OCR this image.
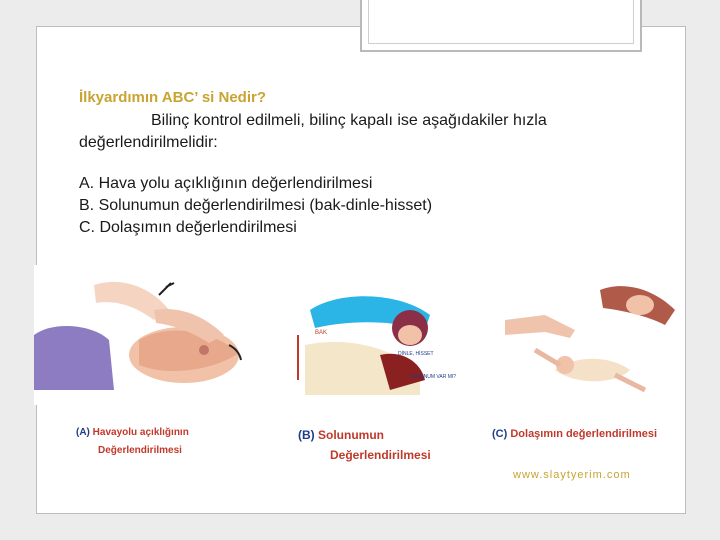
İlkyardımın ABC’ si Nedir?
Bilinç kontrol edilmeli, bilinç kapalı ise aşağıdakiler hızla
değerlendirilmelidir:
A. Hava yolu açıklığının değerlendirilmesi
B. Solunumun değerlendirilmesi (bak-dinle-hisset)
C. Dolaşımın değerlendirilmesi
BAK
DİNLE, HİSSET
SOLUNUM VAR MI?
(A) Havayolu açıklığının
Değerlendirilmesi
(B) Solunumun
Değerlendirilmesi
(C) Dolaşımın değerlendirilmesi
www.slaytyerim.com
